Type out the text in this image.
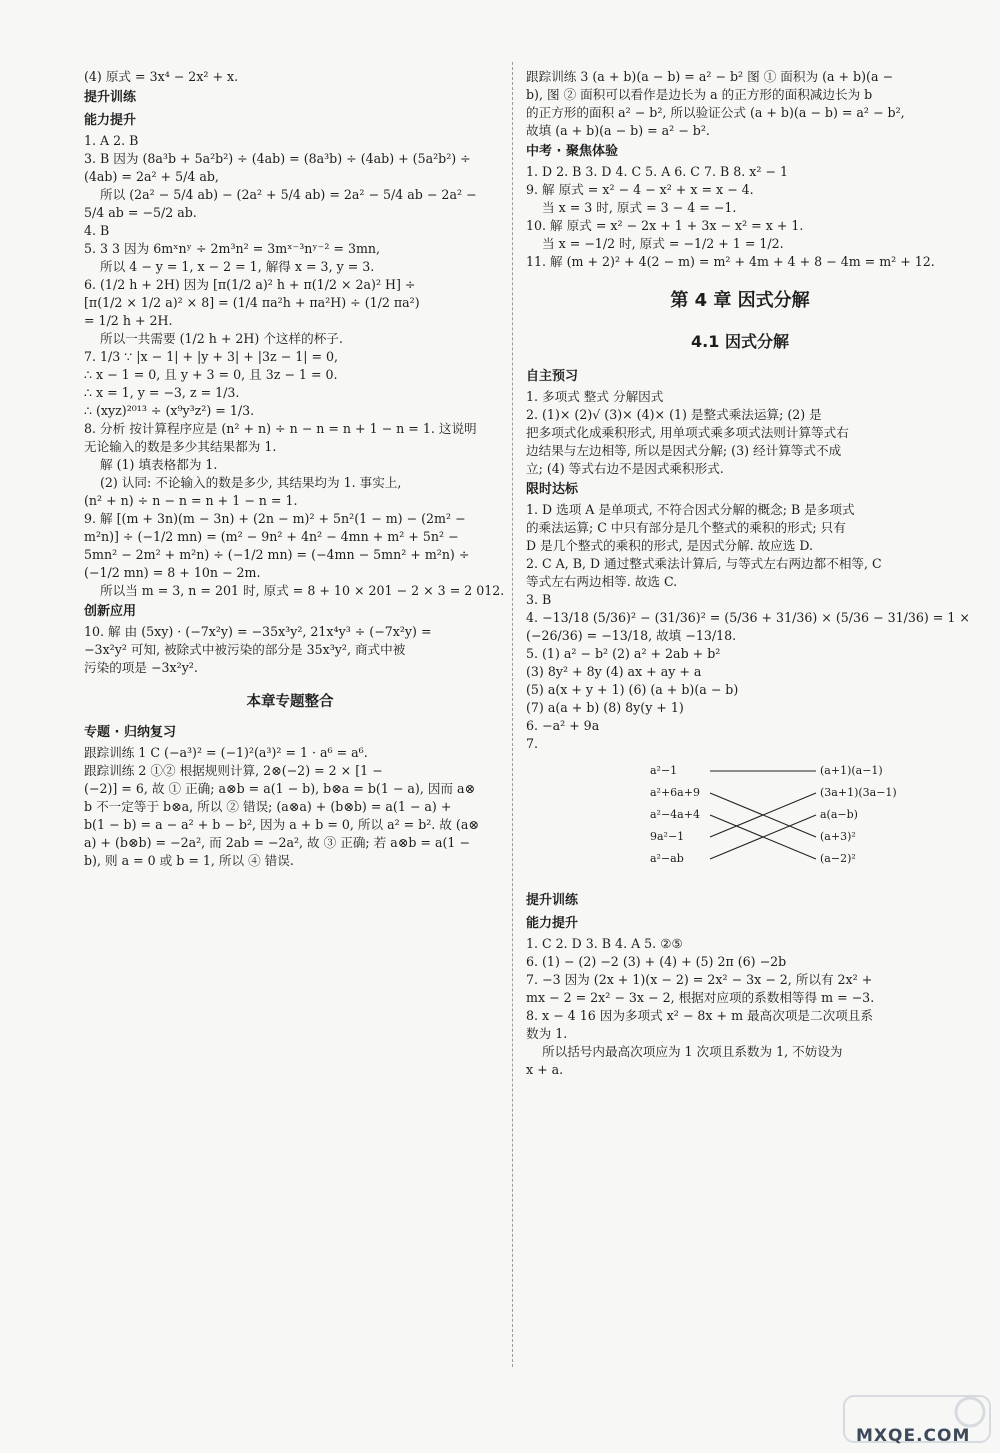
(4) 原式 = 3x⁴ − 2x² + x.
提升训练
能力提升
1. A 2. B
3. B 因为 (8a³b + 5a²b²) ÷ (4ab) = (8a³b) ÷ (4ab) + (5a²b²) ÷
(4ab) = 2a² + 5/4 ab,
所以 (2a² − 5/4 ab) − (2a² + 5/4 ab) = 2a² − 5/4 ab − 2a² −
5/4 ab = −5/2 ab.
4. B
5. 3 3 因为 6mˣnʸ ÷ 2m³n² = 3mˣ⁻³nʸ⁻² = 3mn,
所以 4 − y = 1, x − 2 = 1, 解得 x = 3, y = 3.
6. (1/2 h + 2H) 因为 [π(1/2 a)² h + π(1/2 × 2a)² H] ÷
[π(1/2 × 1/2 a)² × 8] = (1/4 πa²h + πa²H) ÷ (1/2 πa²)
= 1/2 h + 2H.
所以一共需要 (1/2 h + 2H) 个这样的杯子.
7. 1/3 ∵ |x − 1| + |y + 3| + |3z − 1| = 0,
∴ x − 1 = 0, 且 y + 3 = 0, 且 3z − 1 = 0.
∴ x = 1, y = −3, z = 1/3.
∴ (xyz)²⁰¹³ ÷ (x⁹y³z²) = 1/3.
8. 分析 按计算程序应是 (n² + n) ÷ n − n = n + 1 − n = 1. 这说明
无论输入的数是多少其结果都为 1.
解 (1) 填表格都为 1.
(2) 认同: 不论输入的数是多少, 其结果均为 1. 事实上,
(n² + n) ÷ n − n = n + 1 − n = 1.
9. 解 [(m + 3n)(m − 3n) + (2n − m)² + 5n²(1 − m) − (2m² −
m²n)] ÷ (−1/2 mn) = (m² − 9n² + 4n² − 4mn + m² + 5n² −
5mn² − 2m² + m²n) ÷ (−1/2 mn) = (−4mn − 5mn² + m²n) ÷
(−1/2 mn) = 8 + 10n − 2m.
所以当 m = 3, n = 201 时, 原式 = 8 + 10 × 201 − 2 × 3 = 2 012.
创新应用
10. 解 由 (5xy) · (−7x²y) = −35x³y², 21x⁴y³ ÷ (−7x²y) =
−3x²y² 可知, 被除式中被污染的部分是 35x³y², 商式中被
污染的项是 −3x²y².
本章专题整合
专题 · 归纳复习
跟踪训练 1 C (−a³)² = (−1)²(a³)² = 1 · a⁶ = a⁶.
跟踪训练 2 ①② 根据规则计算, 2⊗(−2) = 2 × [1 −
(−2)] = 6, 故 ① 正确; a⊗b = a(1 − b), b⊗a = b(1 − a), 因而 a⊗
b 不一定等于 b⊗a, 所以 ② 错误; (a⊗a) + (b⊗b) = a(1 − a) +
b(1 − b) = a − a² + b − b², 因为 a + b = 0, 所以 a² = b². 故 (a⊗
a) + (b⊗b) = −2a², 而 2ab = −2a², 故 ③ 正确; 若 a⊗b = a(1 −
b), 则 a = 0 或 b = 1, 所以 ④ 错误.
跟踪训练 3 (a + b)(a − b) = a² − b² 图 ① 面积为 (a + b)(a −
b), 图 ② 面积可以看作是边长为 a 的正方形的面积减边长为 b
的正方形的面积 a² − b², 所以验证公式 (a + b)(a − b) = a² − b²,
故填 (a + b)(a − b) = a² − b².
中考 · 聚焦体验
1. D 2. B 3. D 4. C 5. A 6. C 7. B 8. x² − 1
9. 解 原式 = x² − 4 − x² + x = x − 4.
当 x = 3 时, 原式 = 3 − 4 = −1.
10. 解 原式 = x² − 2x + 1 + 3x − x² = x + 1.
当 x = −1/2 时, 原式 = −1/2 + 1 = 1/2.
11. 解 (m + 2)² + 4(2 − m) = m² + 4m + 4 + 8 − 4m = m² + 12.
第 4 章 因式分解
4.1 因式分解
自主预习
1. 多项式 整式 分解因式
2. (1)× (2)√ (3)× (4)× (1) 是整式乘法运算; (2) 是
把多项式化成乘积形式, 用单项式乘多项式法则计算等式右
边结果与左边相等, 所以是因式分解; (3) 经计算等式不成
立; (4) 等式右边不是因式乘积形式.
限时达标
1. D 选项 A 是单项式, 不符合因式分解的概念; B 是多项式
的乘法运算; C 中只有部分是几个整式的乘积的形式; 只有
D 是几个整式的乘积的形式, 是因式分解. 故应选 D.
2. C A, B, D 通过整式乘法计算后, 与等式左右两边都不相等, C
等式左右两边相等. 故选 C.
3. B
4. −13/18 (5/36)² − (31/36)² = (5/36 + 31/36) × (5/36 − 31/36) = 1 ×
(−26/36) = −13/18, 故填 −13/18.
5. (1) a² − b² (2) a² + 2ab + b²
(3) 8y² + 8y (4) ax + ay + a
(5) a(x + y + 1) (6) (a + b)(a − b)
(7) a(a + b) (8) 8y(y + 1)
6. −a² + 9a
7.
a²−1
a²+6a+9
a²−4a+4
9a²−1
a²−ab
(a+1)(a−1)
(3a+1)(3a−1)
a(a−b)
(a+3)²
(a−2)²
提升训练
能力提升
1. C 2. D 3. B 4. A 5. ②⑤
6. (1) − (2) −2 (3) + (4) + (5) 2π (6) −2b
7. −3 因为 (2x + 1)(x − 2) = 2x² − 3x − 2, 所以有 2x² +
mx − 2 = 2x² − 3x − 2, 根据对应项的系数相等得 m = −3.
8. x − 4 16 因为多项式 x² − 8x + m 最高次项是二次项且系
数为 1.
所以括号内最高次项应为 1 次项且系数为 1, 不妨设为
x + a.
MXQE.COM
